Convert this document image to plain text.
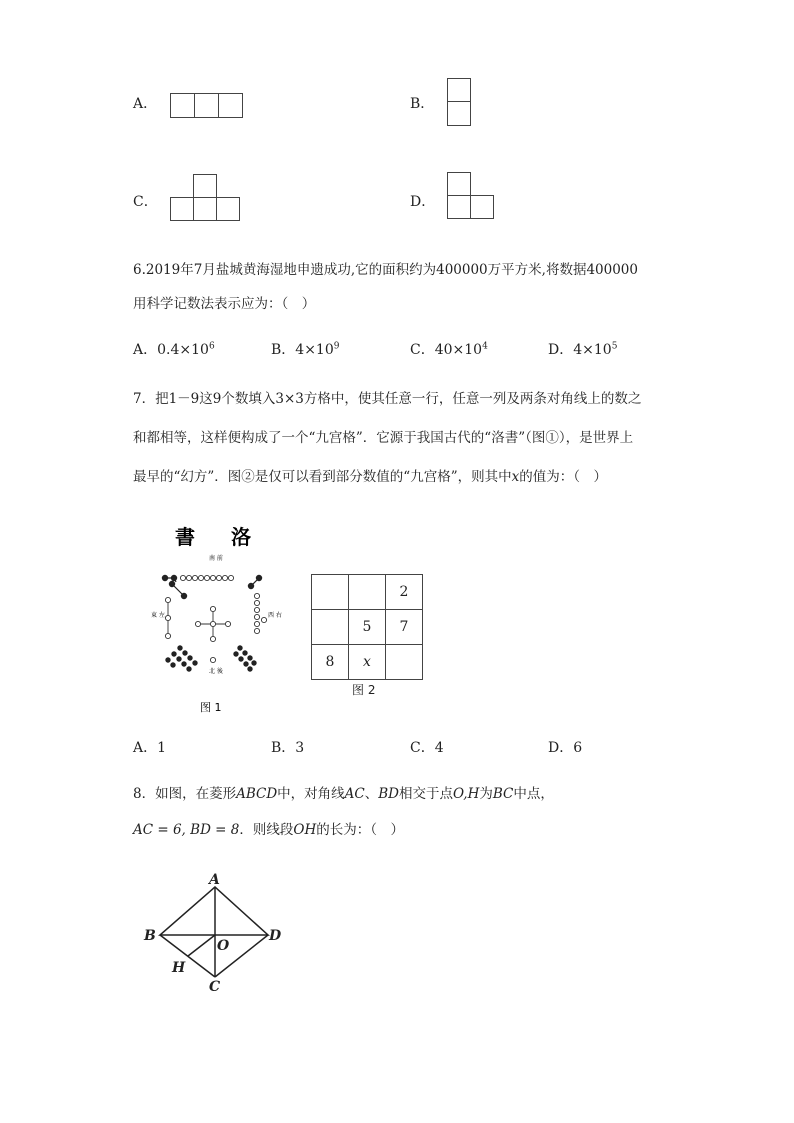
A．	B．
C．	D．
6.2019年7月盐城黄海湿地申遗成功,它的面积约为400000万平方米,将数据400000
用科学记数法表示应为：（　）
A．$0.4\times 10^6$	B．$4\times 10^9$	C．$40\times 10^4$	D．$4\times 10^5$
7．把1－9这9个数填入3×3方格中，使其任意一行，任意一列及两条对角线上的数之
和都相等，这样便构成了一个“九宫格”．它源于我国古代的“洛書”（图①），是世界上
最早的“幻方”．图②是仅可以看到部分数值的“九宫格”，则其中x的值为：（　）
書 洛
南 前
東 左	西 右
北 後
图 1
		2
	5	7
8	x	
图 2
A．1	B．3	C．4	D．6
8．如图，在菱形ABCD中，对角线AC、BD相交于点O,H为BC中点，
AC = 6, BD = 8．则线段OH的长为：（　）
A
B	D
C
O
H
